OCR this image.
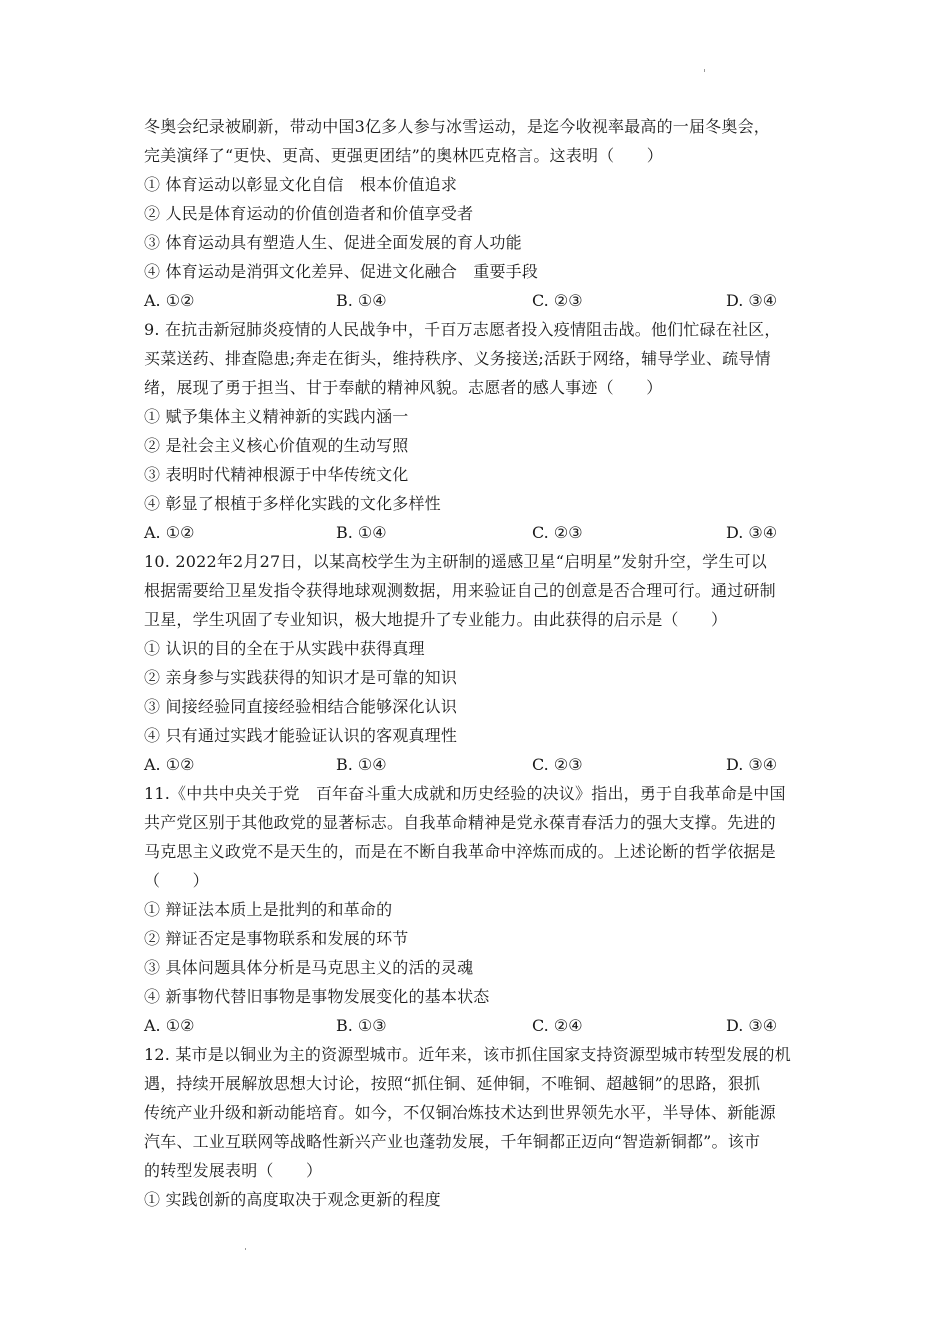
冬奥会纪录被刷新，带动中国3亿多人参与冰雪运动，是迄今收视率最高的一届冬奥会，
完美演绎了“更快、更高、更强更团结”的奥林匹克格言。这表明（　　）
① 体育运动以彰显文化自信　根本价值追求
② 人民是体育运动的价值创造者和价值享受者
③ 体育运动具有塑造人生、促进全面发展的育人功能
④ 体育运动是消弭文化差异、促进文化融合　重要手段
A. ①②	B. ①④	C. ②③	D. ③④
9. 在抗击新冠肺炎疫情的人民战争中，千百万志愿者投入疫情阻击战。他们忙碌在社区，
买菜送药、排查隐患;奔走在街头，维持秩序、义务接送;活跃于网络，辅导学业、疏导情
绪，展现了勇于担当、甘于奉献的精神风貌。志愿者的感人事迹（　　）
① 赋予集体主义精神新的实践内涵一
② 是社会主义核心价值观的生动写照
③ 表明时代精神根源于中华传统文化
④ 彰显了根植于多样化实践的文化多样性
A. ①②	B. ①④	C. ②③	D. ③④
10. 2022年2月27日，以某高校学生为主研制的遥感卫星“启明星”发射升空，学生可以
根据需要给卫星发指令获得地球观测数据，用来验证自己的创意是否合理可行。通过研制
卫星，学生巩固了专业知识，极大地提升了专业能力。由此获得的启示是（　　）
① 认识的目的全在于从实践中获得真理
② 亲身参与实践获得的知识才是可靠的知识
③ 间接经验同直接经验相结合能够深化认识
④ 只有通过实践才能验证认识的客观真理性
A. ①②	B. ①④	C. ②③	D. ③④
11.《中共中央关于党　百年奋斗重大成就和历史经验的决议》指出，勇于自我革命是中国
共产党区别于其他政党的显著标志。自我革命精神是党永葆青春活力的强大支撑。先进的
马克思主义政党不是天生的，而是在不断自我革命中淬炼而成的。上述论断的哲学依据是
（　　）
① 辩证法本质上是批判的和革命的
② 辩证否定是事物联系和发展的环节
③ 具体问题具体分析是马克思主义的活的灵魂
④ 新事物代替旧事物是事物发展变化的基本状态
A. ①②	B. ①③	C. ②④	D. ③④
12. 某市是以铜业为主的资源型城市。近年来，该市抓住国家支持资源型城市转型发展的机
遇，持续开展解放思想大讨论，按照“抓住铜、延伸铜，不唯铜、超越铜”的思路，狠抓
传统产业升级和新动能培育。如今，不仅铜冶炼技术达到世界领先水平，半导体、新能源
汽车、工业互联网等战略性新兴产业也蓬勃发展，千年铜都正迈向“智造新铜都”。该市
的转型发展表明（　　）
① 实践创新的高度取决于观念更新的程度
